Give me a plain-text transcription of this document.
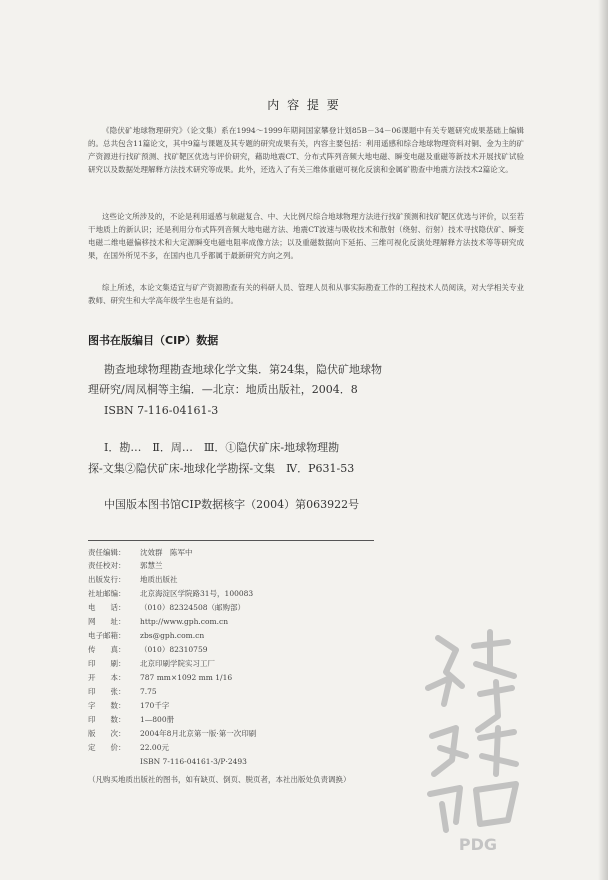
内 容 提 要
《隐伏矿地球物理研究》（论文集）系在1994～1999年期间国家攀登计划85B－34－06课题中有关专题研究成果基础上编辑的。总共包含11篇论文，其中9篇与课题及其专题的研究成果有关，内容主要包括：利用遥感和综合地球物理资料对铜、金为主的矿产资源进行找矿预测、找矿靶区优选与评价研究，藉助地震CT、分布式阵列音频大地电磁、瞬变电磁及重磁等新技术开展找矿试验研究以及数据处理解释方法技术研究等成果。此外，还选入了有关三维体重磁可视化反演和金属矿勘查中地震方法技术2篇论文。
这些论文所涉及的，不论是利用遥感与航磁复合、中、大比例尺综合地球物理方法进行找矿预测和找矿靶区优选与评价，以至若干地质上的新认识；还是利用分布式阵列音频大地电磁方法、地震CT波速与吸收技术和散射（绕射、衍射）技术寻找隐伏矿、瞬变电磁二维电磁偏移技术和大定源瞬变电磁电阻率成像方法；以及重磁数据向下延拓、三维可视化反演处理解释方法技术等等研究成果，在国外所见不多，在国内也几乎都属于最新研究方向之列。
综上所述，本论文集适宜与矿产资源勘查有关的科研人员、管理人员和从事实际勘查工作的工程技术人员阅读，对大学相关专业教师、研究生和大学高年级学生也是有益的。
图书在版编目（CIP）数据
勘查地球物理勘查地球化学文集．第24集，隐伏矿地球物
理研究/周凤桐等主编．—北京：地质出版社，2004．8
ISBN 7-116-04161-3
Ⅰ．勘…　Ⅱ．周…　Ⅲ．①隐伏矿床-地球物理勘
探-文集②隐伏矿床-地球化学勘探-文集　Ⅳ．P631-53
中国版本图书馆CIP数据核字（2004）第063922号
责任编辑： 沈效群　陈军中
责任校对： 郭慧兰
出版发行： 地质出版社
社址邮编： 北京海淀区学院路31号，100083
电　　话： （010）82324508（邮购部）
网　　址： http://www.gph.com.cn
电子邮箱： zbs@gph.com.cn
传　　真： （010）82310759
印　　刷： 北京印刷学院实习工厂
开　　本： 787 mm×1092 mm 1/16
印　　张： 7.75
字　　数： 170千字
印　　数： 1—800册
版　　次： 2004年8月北京第一版·第一次印刷
定　　价： 22.00元
ISBN 7-116-04161-3/P·2493
（凡购买地质出版社的图书，如有缺页、倒页、脱页者，本社出版处负责调换）
PDG
